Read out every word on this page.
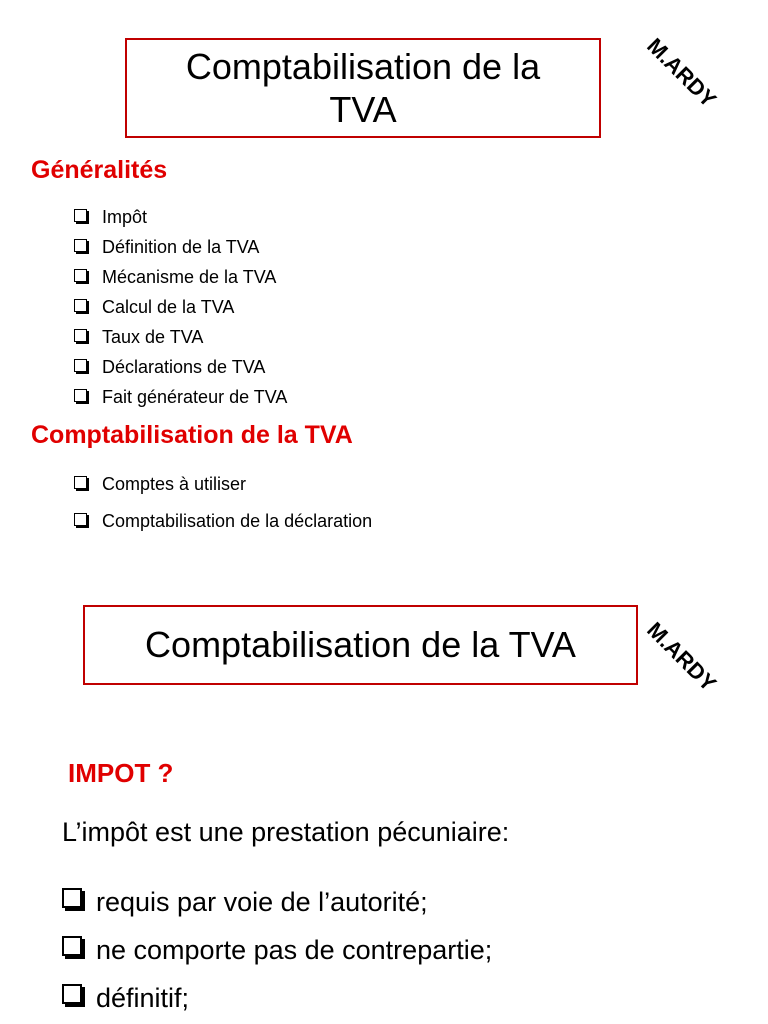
Comptabilisation de la TVA	M.ARDY
Généralités
Impôt
Définition de la TVA
Mécanisme de la TVA
Calcul de la TVA
Taux de TVA
Déclarations de TVA
Fait générateur de TVA
Comptabilisation de la TVA
Comptes à utiliser
Comptabilisation de la déclaration
Comptabilisation de la TVA	M.ARDY
IMPOT ?
L’impôt est une prestation pécuniaire:
requis par voie de l’autorité;
ne comporte pas de contrepartie;
définitif;
